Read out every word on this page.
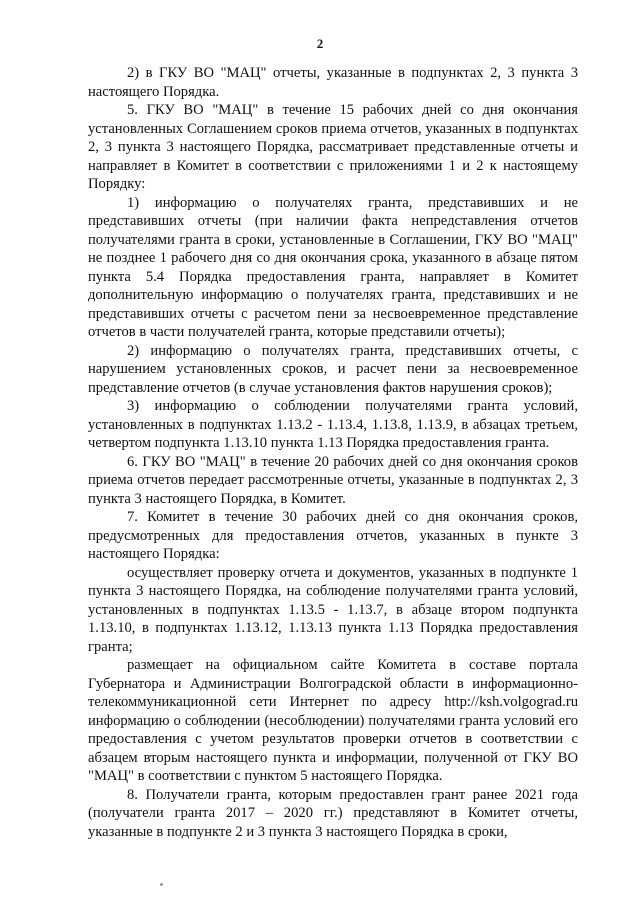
2

2) в ГКУ ВО "МАЦ" отчеты, указанные в подпунктах 2, 3 пункта 3 настоящего Порядка.

5. ГКУ ВО "МАЦ" в течение 15 рабочих дней со дня окончания установленных Соглашением сроков приема отчетов, указанных в подпунктах 2, 3 пункта 3 настоящего Порядка, рассматривает представленные отчеты и направляет в Комитет в соответствии с приложениями 1 и 2 к настоящему Порядку:

1) информацию о получателях гранта, представивших и не представивших отчеты (при наличии факта непредставления отчетов получателями гранта в сроки, установленные в Соглашении, ГКУ ВО "МАЦ" не позднее 1 рабочего дня со дня окончания срока, указанного в абзаце пятом пункта 5.4 Порядка предоставления гранта, направляет в Комитет дополнительную информацию о получателях гранта, представивших и не представивших отчеты с расчетом пени за несвоевременное представление отчетов в части получателей гранта, которые представили отчеты);

2) информацию о получателях гранта, представивших отчеты, с нарушением установленных сроков, и расчет пени за несвоевременное представление отчетов (в случае установления фактов нарушения сроков);

3) информацию о соблюдении получателями гранта условий, установленных в подпунктах 1.13.2 - 1.13.4, 1.13.8, 1.13.9, в абзацах третьем, четвертом подпункта 1.13.10 пункта 1.13 Порядка предоставления гранта.

6. ГКУ ВО "МАЦ" в течение 20 рабочих дней со дня окончания сроков приема отчетов передает рассмотренные отчеты, указанные в подпунктах 2, 3 пункта 3 настоящего Порядка, в Комитет.

7. Комитет в течение 30 рабочих дней со дня окончания сроков, предусмотренных для предоставления отчетов, указанных в пункте 3 настоящего Порядка:

осуществляет проверку отчета и документов, указанных в подпункте 1 пункта 3 настоящего Порядка, на соблюдение получателями гранта условий, установленных в подпунктах 1.13.5 - 1.13.7, в абзаце втором подпункта 1.13.10, в подпунктах 1.13.12, 1.13.13 пункта 1.13 Порядка предоставления гранта;

размещает на официальном сайте Комитета в составе портала Губернатора и Администрации Волгоградской области в информационно-телекоммуникационной сети Интернет по адресу http://ksh.volgograd.ru информацию о соблюдении (несоблюдении) получателями гранта условий его предоставления с учетом результатов проверки отчетов в соответствии с абзацем вторым настоящего пункта и информации, полученной от ГКУ ВО "МАЦ" в соответствии с пунктом 5 настоящего Порядка.

8. Получатели гранта, которым предоставлен грант ранее 2021 года (получатели гранта 2017 – 2020 гг.) представляют в Комитет отчеты, указанные в подпункте 2 и 3 пункта 3 настоящего Порядка в сроки,
